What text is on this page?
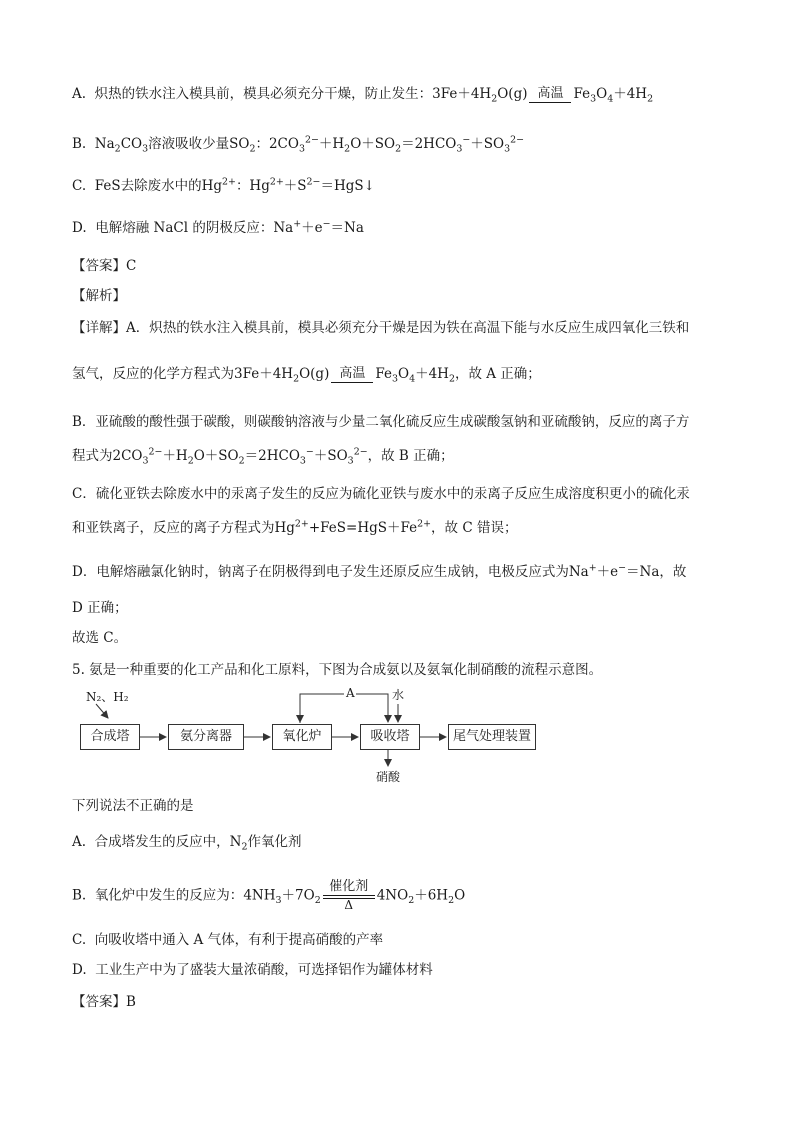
A. 炽热的铁水注入模具前，模具必须充分干燥，防止发生：$3Fe+4H_2O(g)$ 高温 $Fe_3O_4+4H_2$
B.  $Na_2CO_3$溶液吸收少量$SO_2$：$2CO_3^{2-}+H_2O+SO_2=2HCO_3^-+SO_3^{2-}$
C.  FeS去除废水中的$Hg^{2+}$：$Hg^{2+}+S^{2-}=HgS↓$
D. 电解熔融 NaCl 的阴极反应：Na+＋e−＝Na
【答案】C
【解析】
【详解】A．炽热的铁水注入模具前，模具必须充分干燥是因为铁在高温下能与水反应生成四氧化三铁和
氢气，反应的化学方程式为$3Fe+4H_2O(g)$ 高温 $Fe_3O_4+4H_2$，故 A 正确；
B．亚硫酸的酸性强于碳酸，则碳酸钠溶液与少量二氧化硫反应生成碳酸氢钠和亚硫酸钠，反应的离子方
程式为$2CO_3^{2-}+H_2O+SO_2=2HCO_3^-+SO_3^{2-}$，故 B 正确；
C．硫化亚铁去除废水中的汞离子发生的反应为硫化亚铁与废水中的汞离子反应生成溶度积更小的硫化汞
和亚铁离子，反应的离子方程式为$Hg^{2+}+FeS=HgS+Fe^{2+}$，故 C 错误；
D．电解熔融氯化钠时，钠离子在阴极得到电子发生还原反应生成钠，电极反应式为Na+＋e−＝Na，故
D 正确；
故选 C。
5. 氨是一种重要的化工产品和化工原料，下图为合成氨以及氨氧化制硝酸的流程示意图。
N₂、H₂
合成塔	氨分离器	氧化炉	吸收塔	尾气处理装置
A	水
硝酸
下列说法不正确的是
A. 合成塔发生的反应中，$N_2$作氧化剂
B. 氧化炉中发生的反应为：$4NH_3+7O_2$
催化剂
Δ
$4NO_2+6H_2O$
C. 向吸收塔中通入 A 气体，有利于提高硝酸的产率
D. 工业生产中为了盛装大量浓硝酸，可选择铝作为罐体材料
【答案】B
